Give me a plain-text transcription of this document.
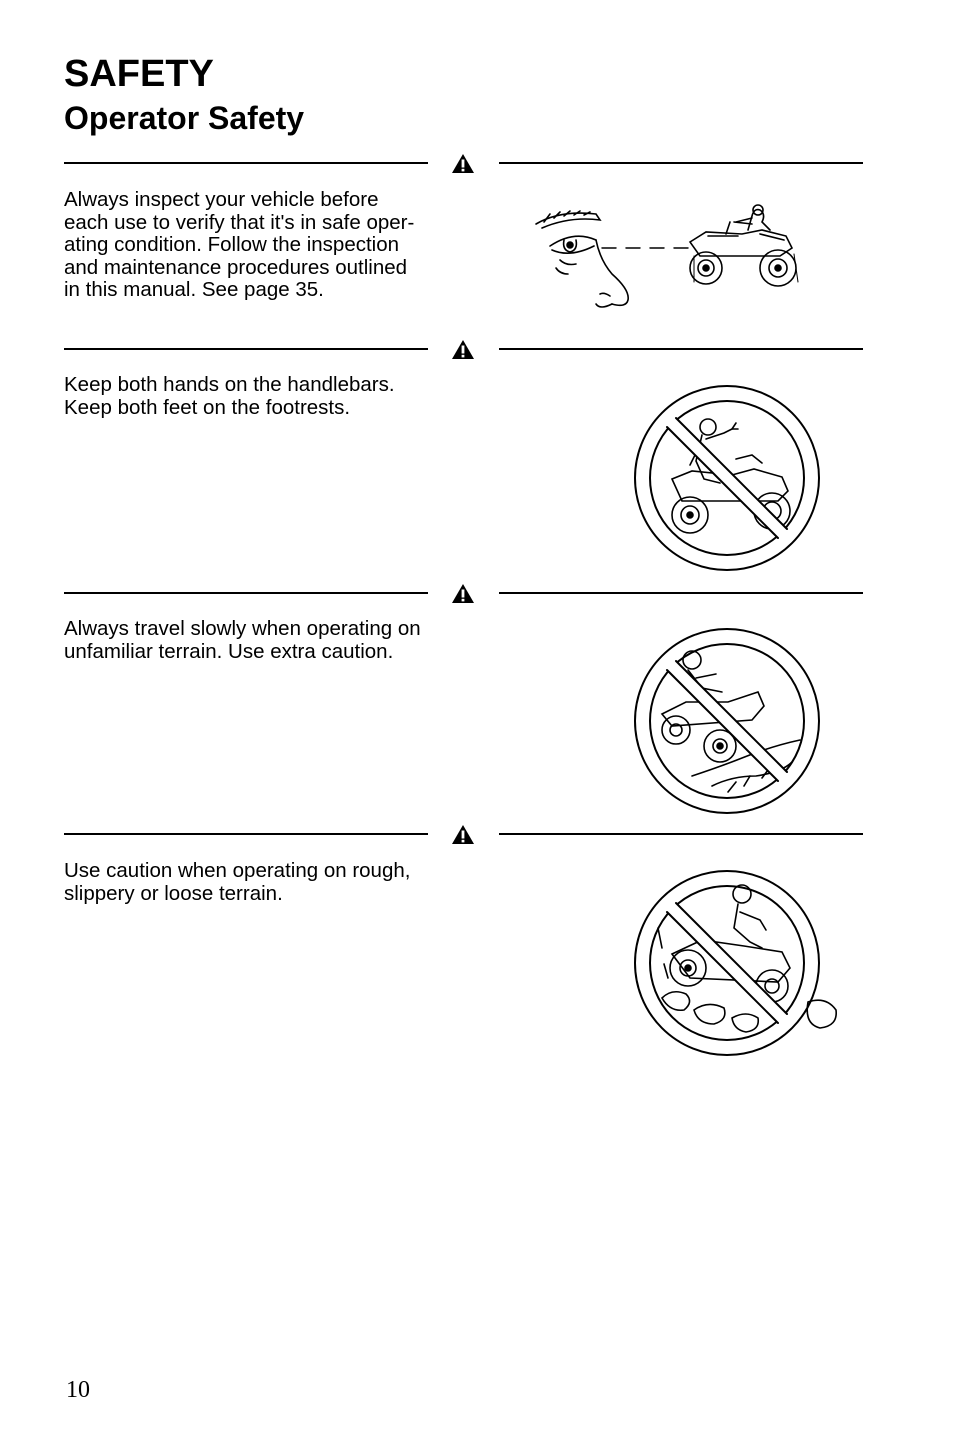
SAFETY
Operator Safety

Always inspect your vehicle before
each use to verify that it's in safe oper-
ating condition. Follow the inspection
and maintenance procedures outlined
in this manual. See page 35.

Keep both hands on the handlebars.
Keep both feet on the footrests.

Always travel slowly when operating on
unfamiliar terrain. Use extra caution.

Use caution when operating on rough,
slippery or loose terrain.

10
